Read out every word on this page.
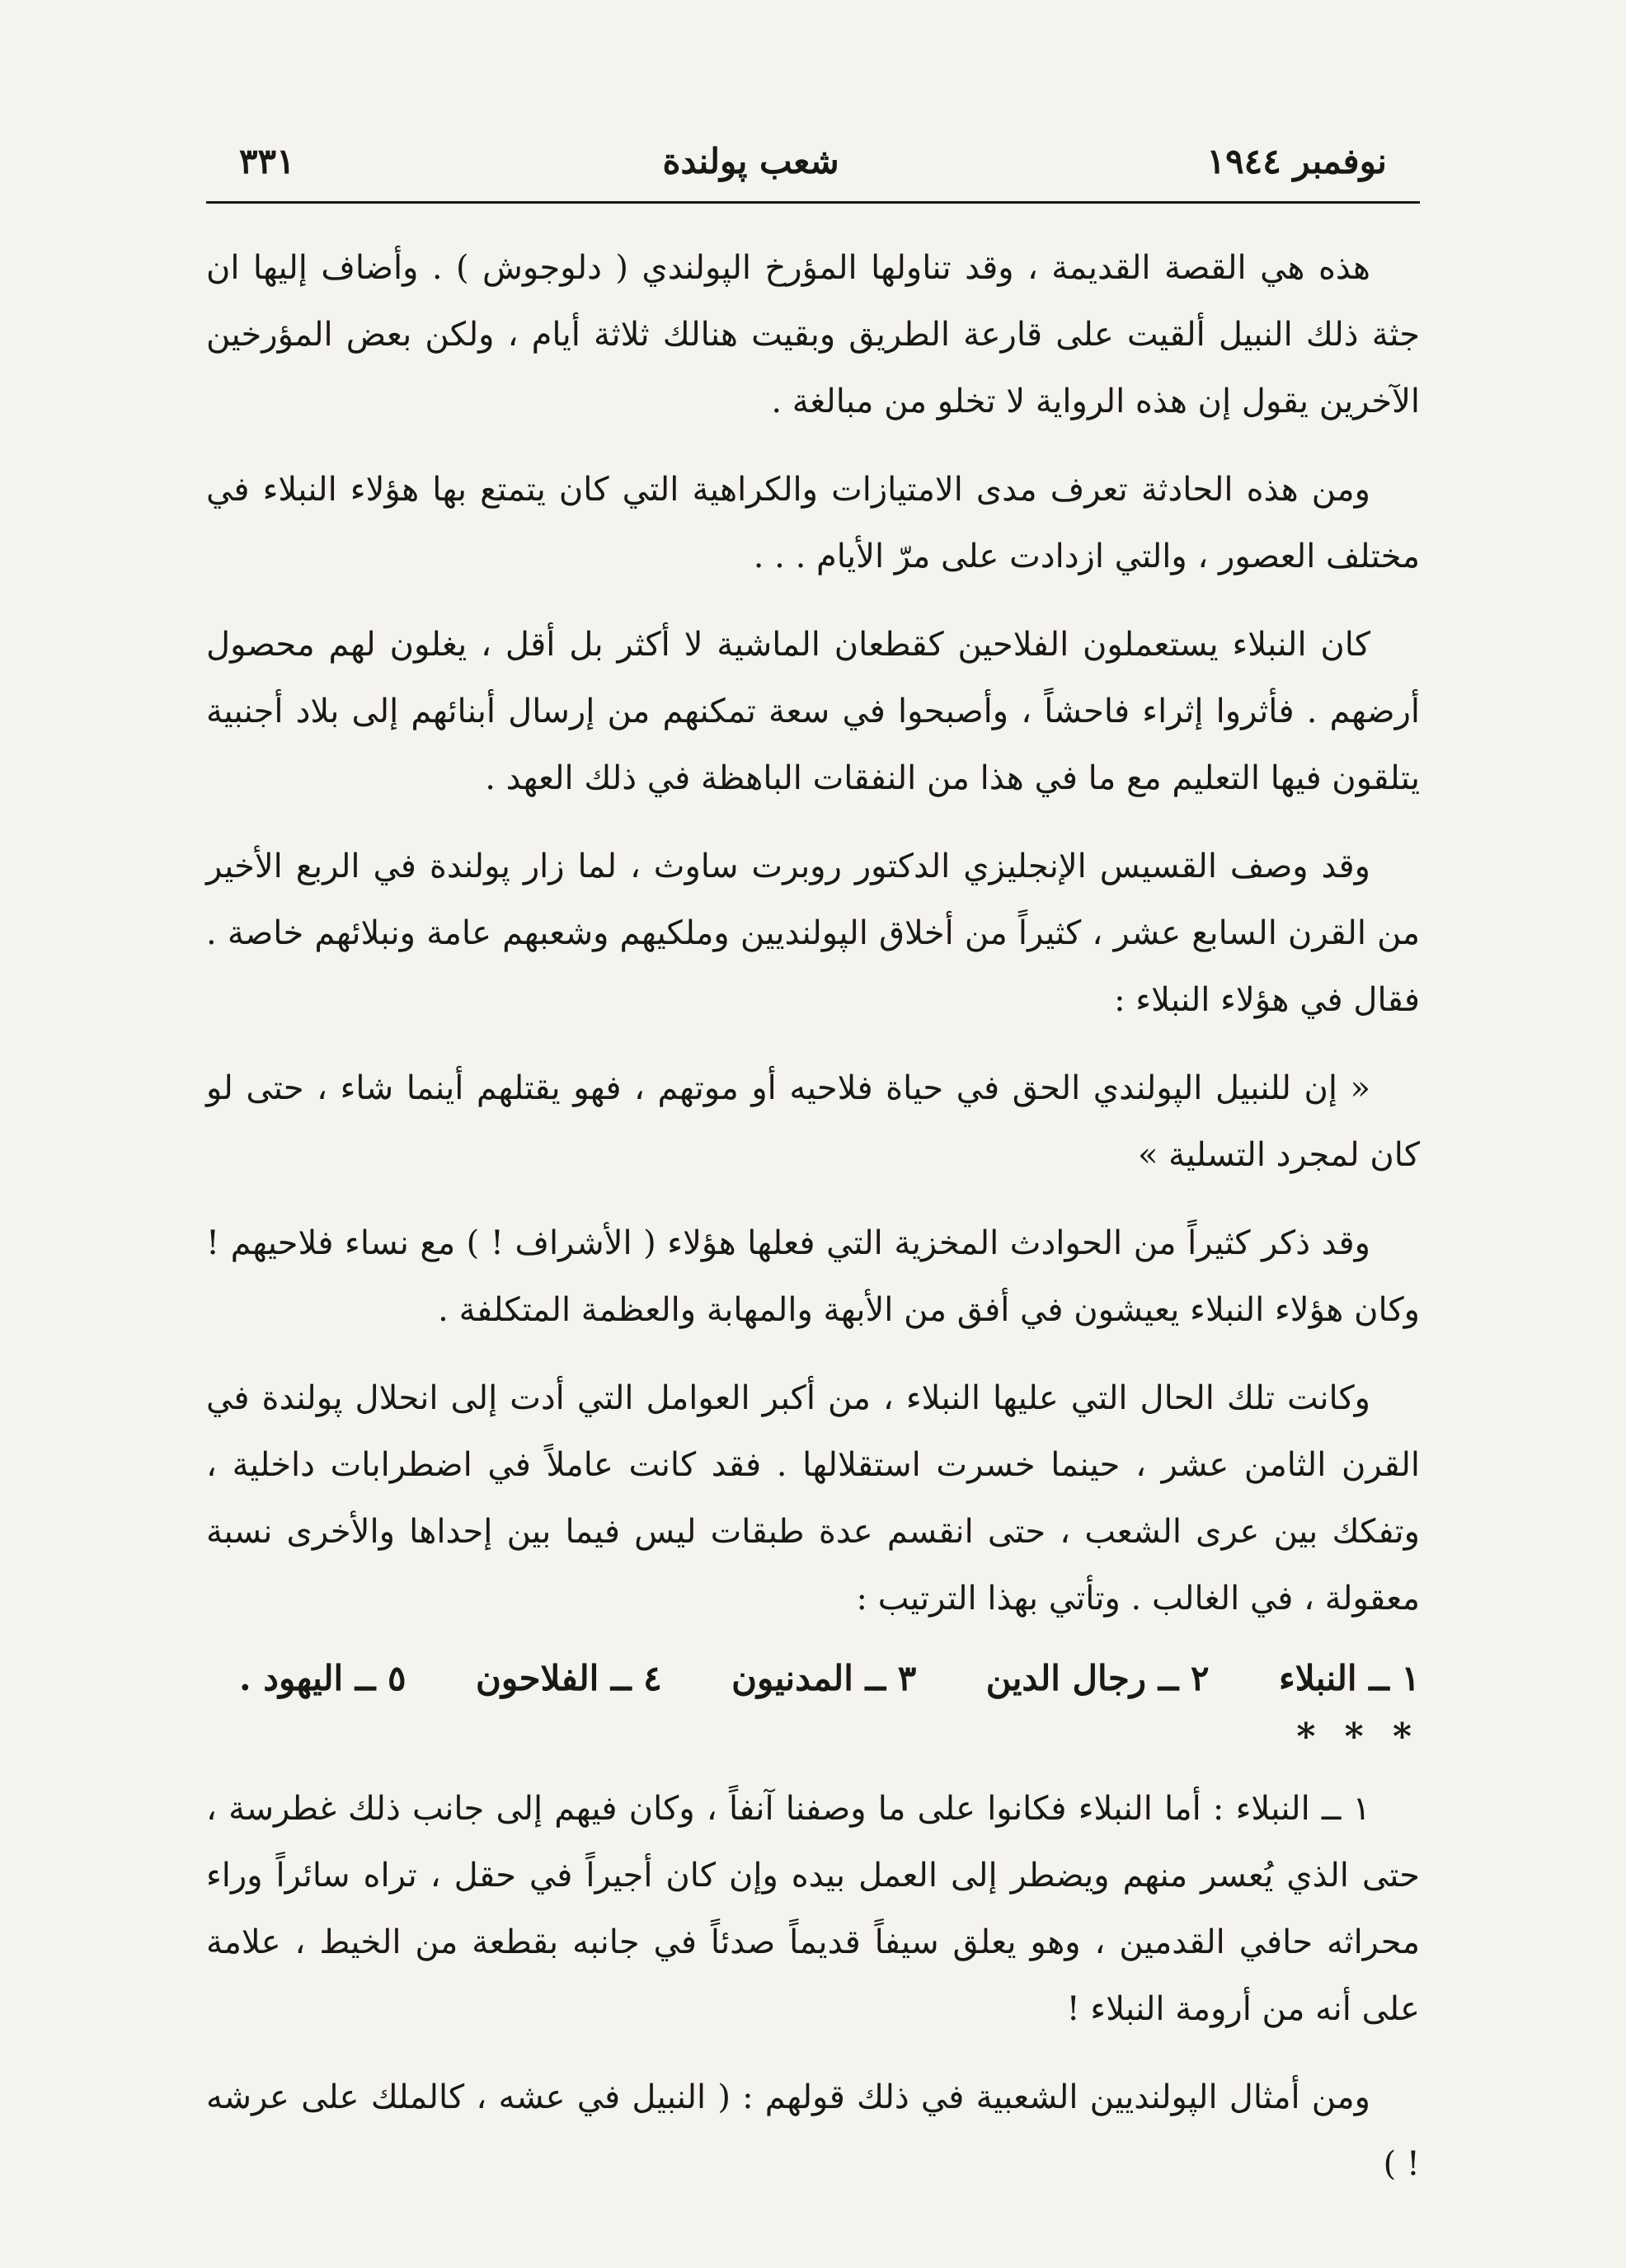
نوفمبر ١٩٤٤
شعب پولندة
٣٣١

هذه هي القصة القديمة ، وقد تناولها المؤرخ الپولندي ( دلوجوش ) . وأضاف إليها ان جثة ذلك النبيل ألقيت على قارعة الطريق وبقيت هنالك ثلاثة أيام ، ولكن بعض المؤرخين الآخرين يقول إن هذه الرواية لا تخلو من مبالغة .

ومن هذه الحادثة تعرف مدى الامتيازات والكراهية التي كان يتمتع بها هؤلاء النبلاء في مختلف العصور ، والتي ازدادت على مرّ الأيام . . .

كان النبلاء يستعملون الفلاحين كقطعان الماشية لا أكثر بل أقل ، يغلون لهم محصول أرضهم . فأثروا إثراء فاحشاً ، وأصبحوا في سعة تمكنهم من إرسال أبنائهم إلى بلاد أجنبية يتلقون فيها التعليم مع ما في هذا من النفقات الباهظة في ذلك العهد .

وقد وصف القسيس الإنجليزي الدكتور روبرت ساوث ، لما زار پولندة في الربع الأخير من القرن السابع عشر ، كثيراً من أخلاق الپولنديين وملكيهم وشعبهم عامة ونبلائهم خاصة . فقال في هؤلاء النبلاء :

« إن للنبيل الپولندي الحق في حياة فلاحيه أو موتهم ، فهو يقتلهم أينما شاء ، حتى لو كان لمجرد التسلية »

وقد ذكر كثيراً من الحوادث المخزية التي فعلها هؤلاء ( الأشراف ! ) مع نساء فلاحيهم ! وكان هؤلاء النبلاء يعيشون في أفق من الأبهة والمهابة والعظمة المتكلفة .

وكانت تلك الحال التي عليها النبلاء ، من أكبر العوامل التي أدت إلى انحلال پولندة في القرن الثامن عشر ، حينما خسرت استقلالها . فقد كانت عاملاً في اضطرابات داخلية ، وتفكك بين عرى الشعب ، حتى انقسم عدة طبقات ليس فيما بين إحداها والأخرى نسبة معقولة ، في الغالب . وتأتي بهذا الترتيب :

١ ــ النبلاء
٢ ــ رجال الدين
٣ ــ المدنيون
٤ ــ الفلاحون
٥ ــ اليهود .
* * *

١ ــ النبلاء : أما النبلاء فكانوا على ما وصفنا آنفاً ، وكان فيهم إلى جانب ذلك غطرسة ، حتى الذي يُعسر منهم ويضطر إلى العمل بيده وإن كان أجيراً في حقل ، تراه سائراً وراء محراثه حافي القدمين ، وهو يعلق سيفاً قديماً صدئاً في جانبه بقطعة من الخيط ، علامة على أنه من أرومة النبلاء !

ومن أمثال الپولنديين الشعبية في ذلك قولهم : ( النبيل في عشه ، كالملك على عرشه ! )
